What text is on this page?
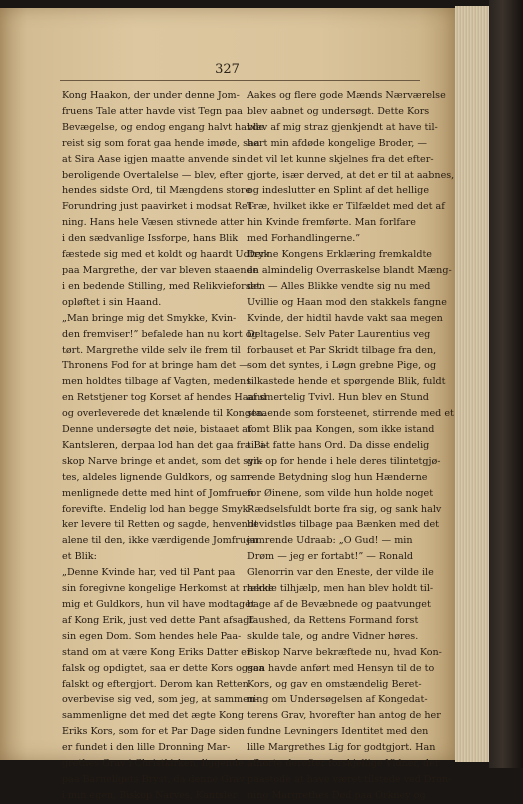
327
Kong Haakon, der under denne Jom-
fruens Tale atter havde vist Tegn paa
Bevægelse, og endog engang halvt havde
reist sig som forat gaa hende imøde, saa
at Sira Aase igjen maatte anvende sin
beroligende Overtalelse — blev, efter
hendes sidste Ord, til Mængdens store
Forundring just paavirket i modsat Ret-
ning. Hans hele Væsen stivnede atter
i den sædvanlige Issforpe, hans Blik
fæstede sig med et koldt og haardt Udtryk
paa Margrethe, der var bleven staaende
i en bedende Stilling, med Relikvieforset
opløftet i sin Haand.
„Man bringe mig det Smykke, Kvin-
den fremviser!” befalede han nu kort og
tørt. Margrethe vilde selv ile frem til
Thronens Fod for at bringe ham det —
men holdtes tilbage af Vagten, medens
en Retstjener tog Korset af hendes Haand
og overleverede det knælende til Kongen.
Denne undersøgte det nøie, bistaaet af
Kantsleren, derpaa lod han det gaa fra Bi-
skop Narve bringe et andet, som det syn-
tes, aldeles lignende Guldkors, og sam-
menlignede dette med hint of Jomfruen
forevifte. Endelig lod han begge Smyk-
ker levere til Retten og sagde, henvendt
alene til den, ikke værdigende Jomfruen
et Blik:
„Denne Kvinde har, ved til Pant paa
sin foregivne kongelige Herkomst at række
mig et Guldkors, hun vil have modtaget
af Kong Erik, just ved dette Pant afsagt
sin egen Dom. Som hendes hele Paa-
stand om at være Kong Eriks Datter er
falsk og opdigtet, saa er dette Kors ogsaa
falskt og eftergjort. Derom kan Retten
overbevise sig ved, som jeg, at sammen-
sammenligne det med det ægte Kong
Eriks Kors, som for et Par Dage siden
er fundet i den lille Dronning Mar-
grethes Grav i Christkirken, liggende
paa Barneligets Bryst, da denne Grav
i min egen, Biskop Narves, Kantsler
Aakes og flere gode Mænds Nærværelse
blev aabnet og undersøgt. Dette Kors
blev af mig straz gjenkjendt at have til-
hørt min afdøde kongelige Broder, —
det vil let kunne skjelnes fra det efter-
gjorte, især derved, at det er til at aabnes,
og indeslutter en Splint af det hellige
Træ, hvilket ikke er Tilfældet med det af
hin Kvinde fremførte. Man forlfare
med Forhandlingerne.”
Denne Kongens Erklæring fremkaldte
en almindelig Overraskelse blandt Mæng-
den — Alles Blikke vendte sig nu med
Uvillie og Haan mod den stakkels fangne
Kvinde, der hidtil havde vakt saa megen
Deltagelse. Selv Pater Laurentius veg
forbauset et Par Skridt tilbage fra den,
som det syntes, i Løgn grebne Pige, og
tilkastede hende et spørgende Blik, fuldt
af smertelig Tvivl. Hun blev en Stund
staaende som forsteenet, stirrende med et
tomt Blik paa Kongen, som ikke istand
til at fatte hans Ord. Da disse endelig
gik op for hende i hele deres tilintetgjø-
rende Betydning slog hun Hænderne
for Øinene, som vilde hun holde noget
Rædselsfuldt borte fra sig, og sank halv
bevidstløs tilbage paa Bænken med det
jamrende Udraab: „O Gud! — min
Drøm — jeg er fortabt!” — Ronald
Glenorrin var den Eneste, der vilde ile
hende tilhjælp, men han blev holdt til-
bage af de Bevæbnede og paatvunget
Taushed, da Rettens Formand forst
skulde tale, og andre Vidner høres.
Biskop Narve bekræftede nu, hvad Kon-
gen havde anført med Hensyn til de to
Kors, og gav en omstændelig Beret-
ning om Undersøgelsen af Kongedat-
terens Grav, hvorefter han antog de her
fundne Levningers Identitet med den
lille Margrethes Lig for godtgjort. Han
afhørte derefter forskjellige Vidner, der
paastode at have været tilstede ved Dron-
ning Margrethes Død paa Orkney og
